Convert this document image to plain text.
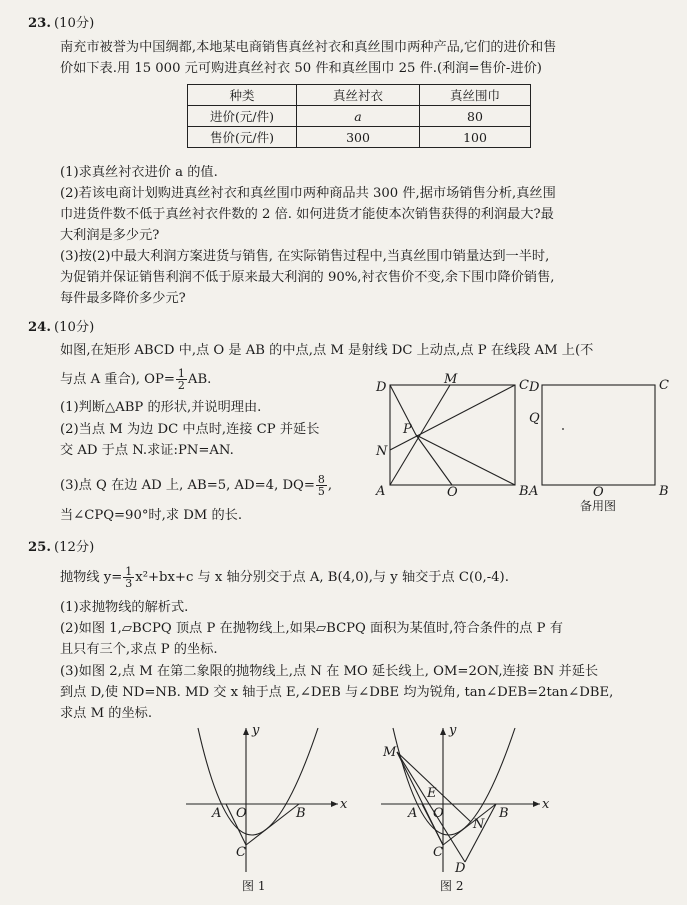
23. (10分)
南充市被誉为中国绸都,本地某电商销售真丝衬衣和真丝围巾两种产品,它们的进价和售
价如下表.用 15 000 元可购进真丝衬衣 50 件和真丝围巾 25 件.(利润=售价-进价)
种类	真丝衬衣	真丝围巾
进价(元/件)	a	80
售价(元/件)	300	100
(1)求真丝衬衣进价 a 的值.
(2)若该电商计划购进真丝衬衣和真丝围巾两种商品共 300 件,据市场销售分析,真丝围
巾进货件数不低于真丝衬衣件数的 2 倍. 如何进货才能使本次销售获得的利润最大?最
大利润是多少元?
(3)按(2)中最大利润方案进货与销售, 在实际销售过程中,当真丝围巾销量达到一半时,
为促销并保证销售利润不低于原来最大利润的 90%,衬衣售价不变,余下围巾降价销售,
每件最多降价多少元?
24. (10分)
如图,在矩形 ABCD 中,点 O 是 AB 的中点,点 M 是射线 DC 上动点,点 P 在线段 AM 上(不
与点 A 重合), $OP= \frac{1}{2}$ AB.
(1)判断△ABP 的形状,并说明理由.
(2)当点 M 为边 DC 中点时,连接 CP 并延长
交 AD 于点 N.求证:PN=AN.
(3)点 Q 在边 AD 上, AB=5, AD=4, $DQ= \frac{8}{5}$ ,
当∠CPQ=90°时,求 DM 的长.
D
M	C
P
N
A	O	B
D	C
Q
A	O	B
备用图
25. (12分)
抛物线 $y= \frac{1}{3} x^2+bx+c$ 与 x 轴分别交于点 A, B(4,0),与 y 轴交于点 C(0,-4).
(1)求抛物线的解析式.
(2)如图 1,▱BCPQ 顶点 P 在抛物线上,如果▱BCPQ 面积为某值时,符合条件的点 P 有
且只有三个,求点 P 的坐标.
(3)如图 2,点 M 在第二象限的抛物线上,点 N 在 MO 延长线上, OM=2ON,连接 BN 并延长
到点 D,使 ND=NB. MD 交 x 轴于点 E,∠DEB 与∠DBE 均为锐角, tan∠DEB=2tan∠DBE,
求点 M 的坐标.
x
y
O
A	B
C
图 1
x
y
M
E
O
A	B
N
C
D
图 2
